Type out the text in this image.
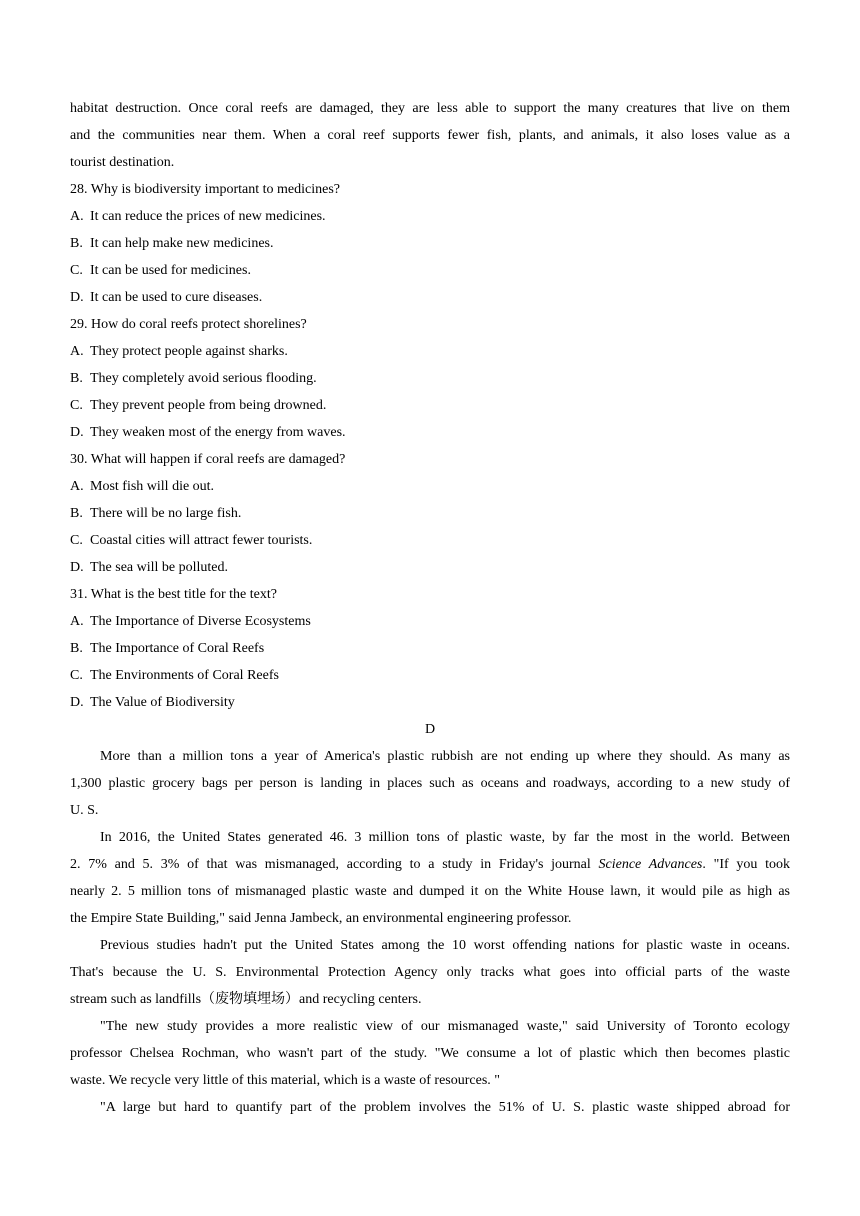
habitat destruction. Once coral reefs are damaged, they are less able to support the many creatures that live on them
and the communities near them. When a coral reef supports fewer fish, plants, and animals, it also loses value as a
tourist destination.
28. Why is biodiversity important to medicines?
A. It can reduce the prices of new medicines.
B. It can help make new medicines.
C. It can be used for medicines.
D. It can be used to cure diseases.
29. How do coral reefs protect shorelines?
A. They protect people against sharks.
B. They completely avoid serious flooding.
C. They prevent people from being drowned.
D. They weaken most of the energy from waves.
30. What will happen if coral reefs are damaged?
A. Most fish will die out.
B. There will be no large fish.
C. Coastal cities will attract fewer tourists.
D. The sea will be polluted.
31. What is the best title for the text?
A. The Importance of Diverse Ecosystems
B. The Importance of Coral Reefs
C. The Environments of Coral Reefs
D. The Value of Biodiversity
D
More than a million tons a year of America's plastic rubbish are not ending up where they should. As many as
1,300 plastic grocery bags per person is landing in places such as oceans and roadways, according to a new study of
U. S.
In 2016, the United States generated 46. 3 million tons of plastic waste, by far the most in the world. Between
2. 7% and 5. 3% of that was mismanaged, according to a study in Friday's journal Science Advances. "If you took
nearly 2. 5 million tons of mismanaged plastic waste and dumped it on the White House lawn, it would pile as high as
the Empire State Building," said Jenna Jambeck, an environmental engineering professor.
Previous studies hadn't put the United States among the 10 worst offending nations for plastic waste in oceans.
That's because the U. S. Environmental Protection Agency only tracks what goes into official parts of the waste
stream such as landfills（废物填埋场）and recycling centers.
"The new study provides a more realistic view of our mismanaged waste," said University of Toronto ecology
professor Chelsea Rochman, who wasn't part of the study. "We consume a lot of plastic which then becomes plastic
waste. We recycle very little of this material, which is a waste of resources. "
"A large but hard to quantify part of the problem involves the 51% of U. S. plastic waste shipped abroad for
